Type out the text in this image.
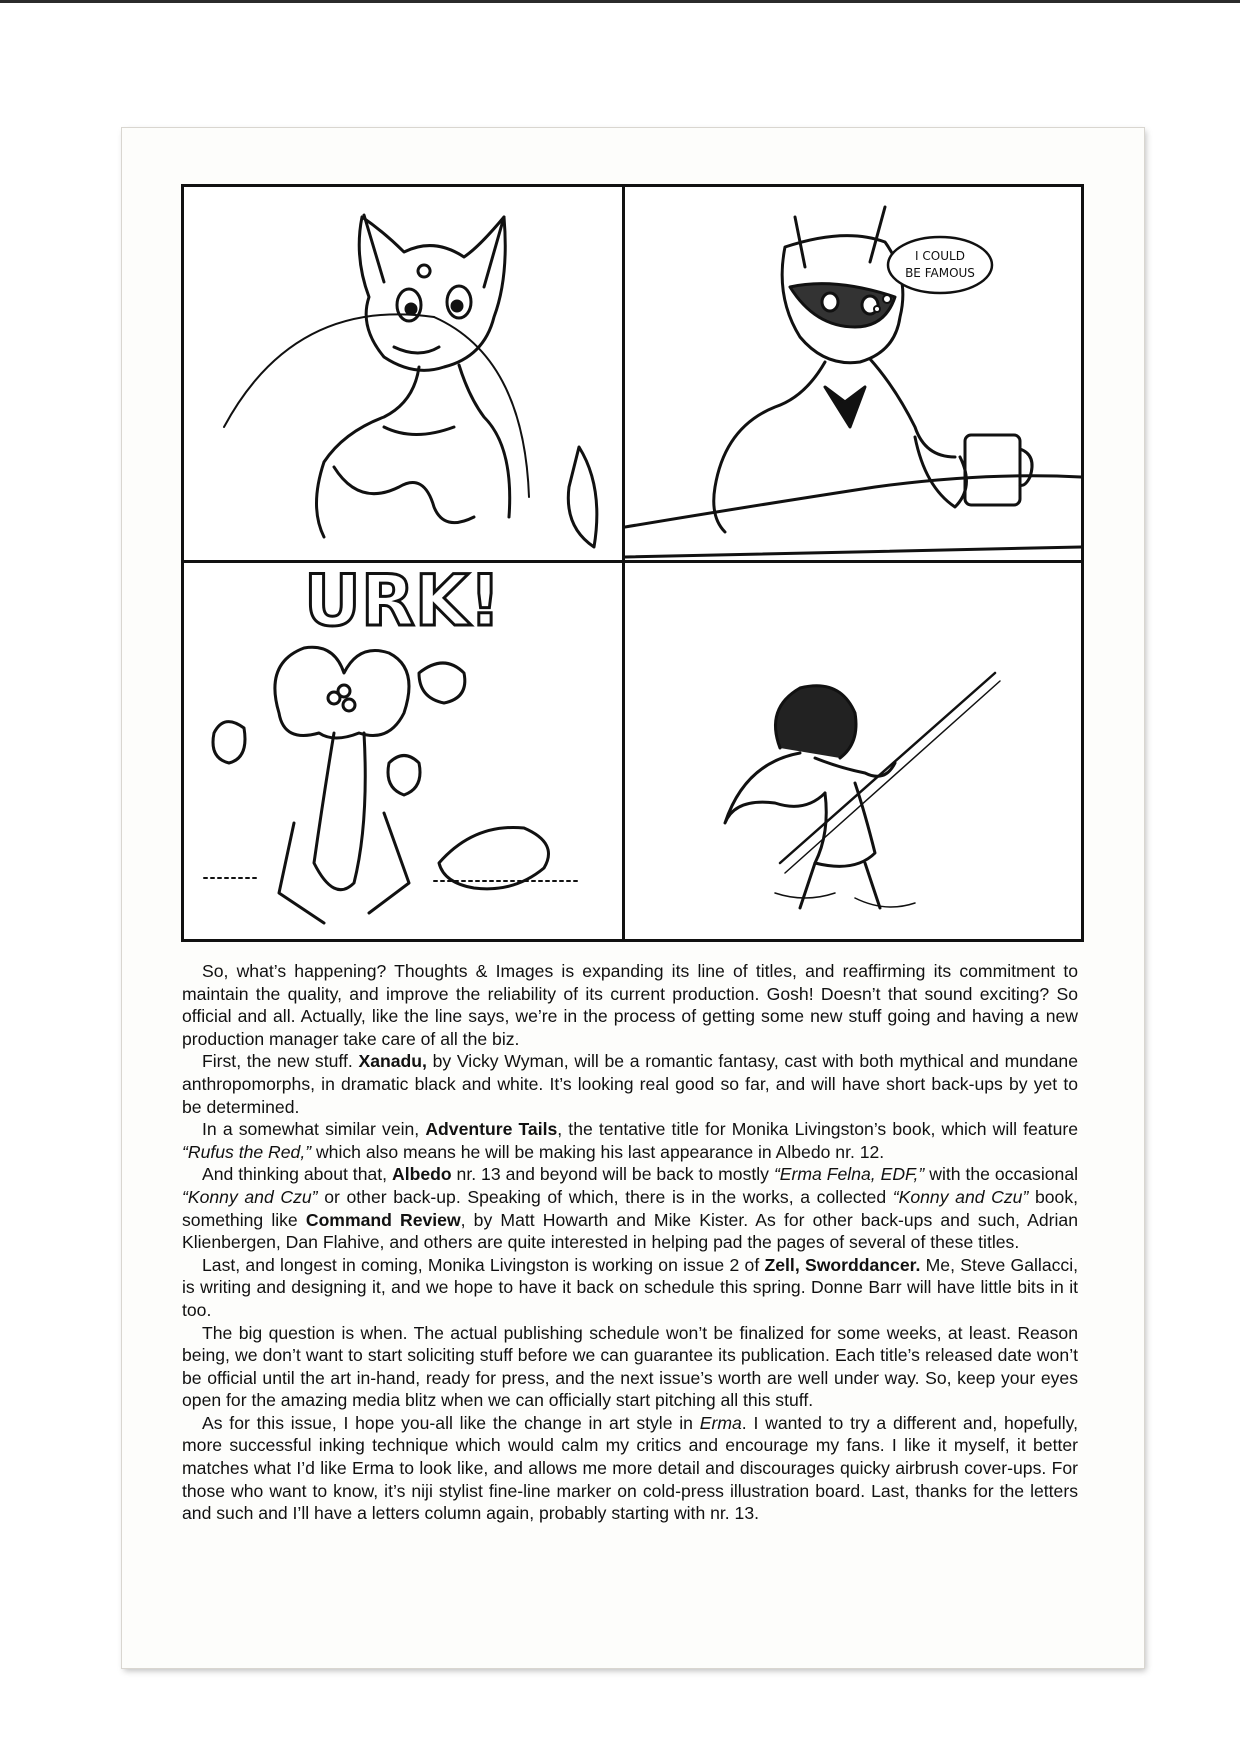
I COULD
BE FAMOUS
URK!

So, what’s happening? Thoughts & Images is expanding its line of titles, and reaffirming its commitment to maintain the quality, and improve the reliability of its current production. Gosh! Doesn’t that sound exciting? So official and all. Actually, like the line says, we’re in the process of getting some new stuff going and having a new production manager take care of all the biz.

First, the new stuff. Xanadu, by Vicky Wyman, will be a romantic fantasy, cast with both mythical and mundane anthropomorphs, in dramatic black and white. It’s looking real good so far, and will have short back-ups by yet to be determined.

In a somewhat similar vein, Adventure Tails, the tentative title for Monika Livingston’s book, which will feature “Rufus the Red,” which also means he will be making his last appearance in Albedo nr. 12.

And thinking about that, Albedo nr. 13 and beyond will be back to mostly “Erma Felna, EDF,” with the occasional “Konny and Czu” or other back-up. Speaking of which, there is in the works, a collected “Konny and Czu” book, something like Command Review, by Matt Howarth and Mike Kister. As for other back-ups and such, Adrian Klienbergen, Dan Flahive, and others are quite interested in helping pad the pages of several of these titles.

Last, and longest in coming, Monika Livingston is working on issue 2 of Zell, Sworddancer. Me, Steve Gallacci, is writing and designing it, and we hope to have it back on schedule this spring. Donne Barr will have little bits in it too.

The big question is when. The actual publishing schedule won’t be finalized for some weeks, at least. Reason being, we don’t want to start soliciting stuff before we can guarantee its publication. Each title’s released date won’t be official until the art in-hand, ready for press, and the next issue’s worth are well under way. So, keep your eyes open for the amazing media blitz when we can officially start pitching all this stuff.

As for this issue, I hope you-all like the change in art style in Erma. I wanted to try a different and, hopefully, more successful inking technique which would calm my critics and encourage my fans. I like it myself, it better matches what I’d like Erma to look like, and allows me more detail and discourages quicky airbrush cover-ups. For those who want to know, it’s niji stylist fine-line marker on cold-press illustration board. Last, thanks for the letters and such and I’ll have a letters column again, probably starting with nr. 13.
